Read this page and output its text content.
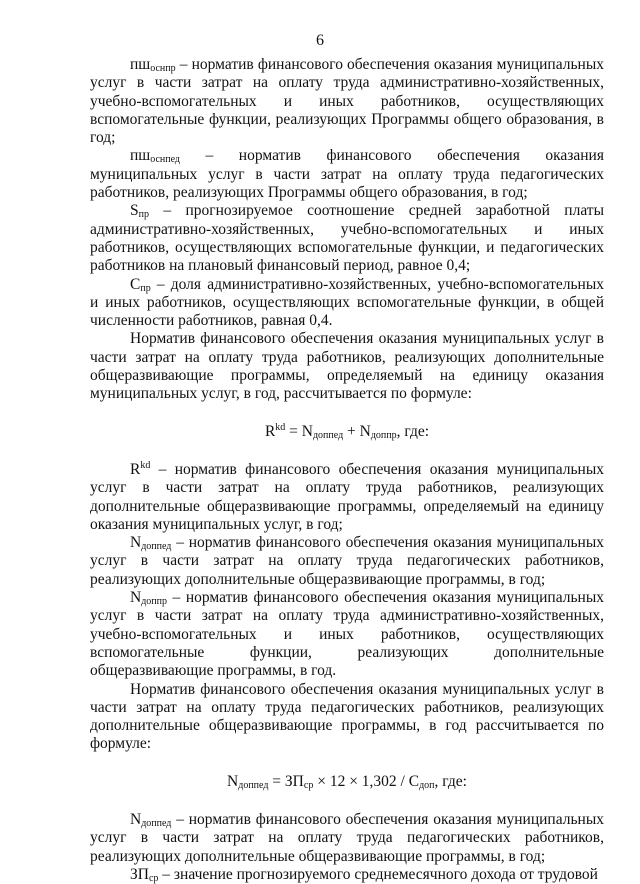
6

$пш_{оснпр}$ – норматив финансового обеспечения оказания муниципальных услуг в части затрат на оплату труда административно-хозяйственных, учебно-вспомогательных и иных работников, осуществляющих вспомогательные функции, реализующих Программы общего образования, в год;

$пш_{оснпед}$ – норматив финансового обеспечения оказания муниципальных услуг в части затрат на оплату труда педагогических работников, реализующих Программы общего образования, в год;

$S_{пр}$ – прогнозируемое соотношение средней заработной платы административно-хозяйственных, учебно-вспомогательных и иных работников, осуществляющих вспомогательные функции, и педагогических работников на плановый финансовый период, равное 0,4;

$С_{пр}$ – доля административно-хозяйственных, учебно-вспомогательных и иных работников, осуществляющих вспомогательные функции, в общей численности работников, равная 0,4.

Норматив финансового обеспечения оказания муниципальных услуг в части затрат на оплату труда работников, реализующих дополнительные общеразвивающие программы, определяемый на единицу оказания муниципальных услуг, в год, рассчитывается по формуле:

$R^{kd} = N_{доппед} + N_{доппр}$, где:

$R^{kd}$ – норматив финансового обеспечения оказания муниципальных услуг в части затрат на оплату труда работников, реализующих дополнительные общеразвивающие программы, определяемый на единицу оказания муниципальных услуг, в год;

$N_{доппед}$ – норматив финансового обеспечения оказания муниципальных услуг в части затрат на оплату труда педагогических работников, реализующих дополнительные общеразвивающие программы, в год;

$N_{доппр}$ – норматив финансового обеспечения оказания муниципальных услуг в части затрат на оплату труда административно-хозяйственных, учебно-вспомогательных и иных работников, осуществляющих вспомогательные функции, реализующих дополнительные общеразвивающие программы, в год.

Норматив финансового обеспечения оказания муниципальных услуг в части затрат на оплату труда педагогических работников, реализующих дополнительные общеразвивающие программы, в год рассчитывается по формуле:

$N_{доппед} = ЗП_{ср} \times 12 \times 1,302 / С_{доп}$, где:

$N_{доппед}$ – норматив финансового обеспечения оказания муниципальных услуг в части затрат на оплату труда педагогических работников, реализующих дополнительные общеразвивающие программы, в год;

$ЗП_{ср}$ – значение прогнозируемого среднемесячного дохода от трудовой
